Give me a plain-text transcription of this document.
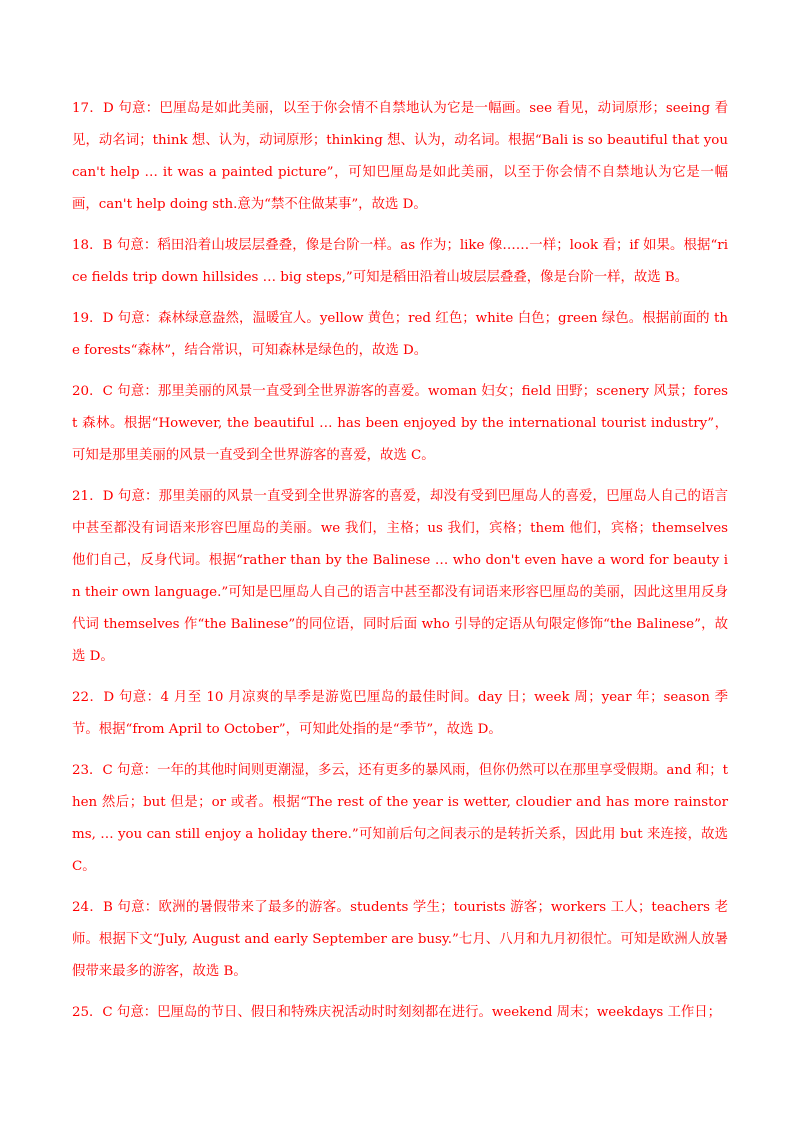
17．D 句意：巴厘岛是如此美丽，以至于你会情不自禁地认为它是一幅画。see 看见，动词原形；seeing 看见，动名词；think 想、认为，动词原形；thinking 想、认为，动名词。根据“Bali is so beautiful that you can't help … it was a painted picture”，可知巴厘岛是如此美丽，以至于你会情不自禁地认为它是一幅画，can't help doing sth.意为“禁不住做某事”，故选 D。

18．B 句意：稻田沿着山坡层层叠叠，像是台阶一样。as 作为；like 像……一样；look 看；if 如果。根据“rice fields trip down hillsides … big steps,”可知是稻田沿着山坡层层叠叠，像是台阶一样，故选 B。

19．D 句意：森林绿意盎然，温暖宜人。yellow 黄色；red 红色；white 白色；green 绿色。根据前面的 the forests“森林”，结合常识，可知森林是绿色的，故选 D。

20．C 句意：那里美丽的风景一直受到全世界游客的喜爱。woman 妇女；field 田野；scenery 风景；forest 森林。根据“However, the beautiful … has been enjoyed by the international tourist industry”，可知是那里美丽的风景一直受到全世界游客的喜爱，故选 C。

21．D 句意：那里美丽的风景一直受到全世界游客的喜爱，却没有受到巴厘岛人的喜爱，巴厘岛人自己的语言中甚至都没有词语来形容巴厘岛的美丽。we 我们，主格；us 我们，宾格；them 他们，宾格；themselves 他们自己，反身代词。根据“rather than by the Balinese … who don't even have a word for beauty in their own language.”可知是巴厘岛人自己的语言中甚至都没有词语来形容巴厘岛的美丽，因此这里用反身代词 themselves 作“the Balinese”的同位语，同时后面 who 引导的定语从句限定修饰“the Balinese”，故选 D。

22．D 句意：4 月至 10 月凉爽的旱季是游览巴厘岛的最佳时间。day 日；week 周；year 年；season 季节。根据“from April to October”，可知此处指的是“季节”，故选 D。

23．C 句意：一年的其他时间则更潮湿，多云，还有更多的暴风雨，但你仍然可以在那里享受假期。and 和；then 然后；but 但是；or 或者。根据“The rest of the year is wetter, cloudier and has more rainstorms, … you can still enjoy a holiday there.”可知前后句之间表示的是转折关系，因此用 but 来连接，故选 C。

24．B 句意：欧洲的暑假带来了最多的游客。students 学生；tourists 游客；workers 工人；teachers 老师。根据下文“July, August and early September are busy.”七月、八月和九月初很忙。可知是欧洲人放暑假带来最多的游客，故选 B。

25．C 句意：巴厘岛的节日、假日和特殊庆祝活动时时刻刻都在进行。weekend 周末；weekdays 工作日；
